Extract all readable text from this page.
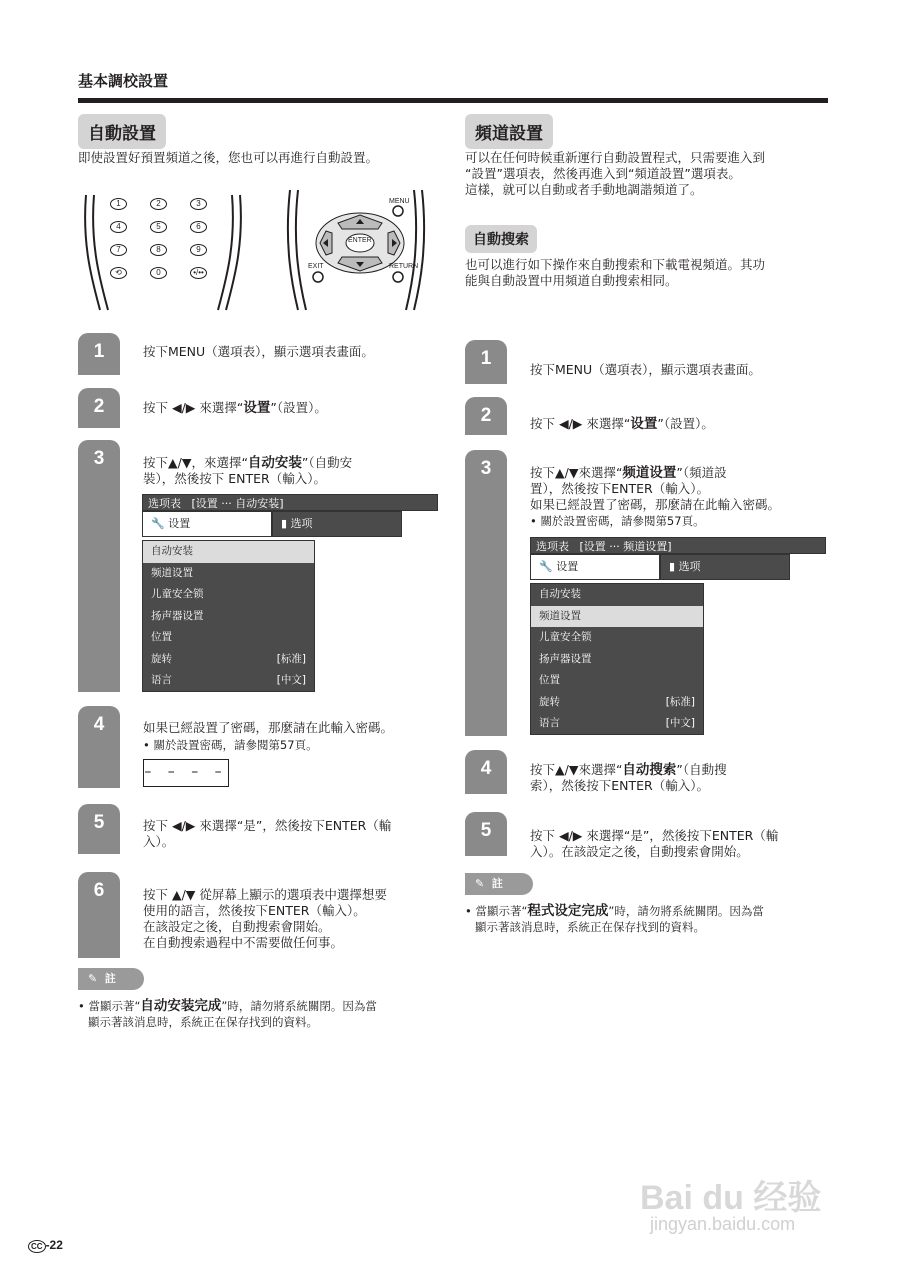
基本調校設置
自動設置
即使設置好預置頻道之後，您也可以再進行自動設置。
ENTER
MENU
EXIT	RETURN
1	2	3
4	5	6
7	8	9
⟲	0	•/••
1	按下MENU（選項表），顯示選項表畫面。
2	按下 ◀/▶ 來選擇“设置”（設置）。
3	按下▲/▼，來選擇“自动安装”（自動安
裝），然後按下 ENTER（輸入）。
选项表 [设置 ··· 自动安装]
🔧 设置	▮ 选项
自动安装
频道设置
儿童安全锁
扬声器设置
位置
旋转	[标准]
语言	[中文]
4	如果已經設置了密碼，那麼請在此輸入密碼。
• 關於設置密碼，請參閱第57頁。
– – – –
5	按下 ◀/▶ 來選擇“是”，然後按下ENTER（輸
入）。
6	按下 ▲/▼ 從屏幕上顯示的選項表中選擇想要
使用的語言，然後按下ENTER（輸入）。
在該設定之後，自動搜索會開始。
在自動搜索過程中不需要做任何事。
✎ 註
• 當顯示著“自动安装完成”時，請勿將系統關閉。因為當
顯示著該消息時，系統正在保存找到的資料。
頻道設置
可以在任何時候重新運行自動設置程式，只需要進入到
“設置”選項表，然後再進入到“頻道設置”選項表。
這樣，就可以自動或者手動地調諧頻道了。
自動搜索
也可以進行如下操作來自動搜索和下載電視頻道。其功
能與自動設置中用頻道自動搜索相同。
1
按下MENU（選項表），顯示選項表畫面。
2	按下 ◀/▶ 來選擇“设置”（設置）。
3	按下▲/▼來選擇“频道设置”（頻道設
置），然後按下ENTER（輸入）。
如果已經設置了密碼，那麼請在此輸入密碼。
• 關於設置密碼，請參閱第57頁。
选项表 [设置 ··· 频道设置]
🔧 设置	▮ 选项
自动安装
频道设置
儿童安全锁
扬声器设置
位置
旋转	[标准]
语言	[中文]
4	按下▲/▼來選擇“自动搜索”（自動搜
索），然後按下ENTER（輸入）。
5	按下 ◀/▶ 來選擇“是”，然後按下ENTER（輸
入）。在該設定之後，自動搜索會開始。
✎ 註
• 當顯示著“程式设定完成”時，請勿將系統關閉。因為當
顯示著該消息時，系統正在保存找到的資料。
CC -22
Bai du 经验
jingyan.baidu.com
